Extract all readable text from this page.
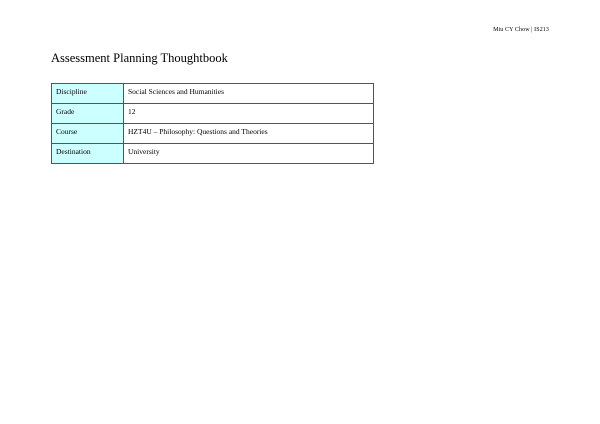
Miu CY Chow | IS213
Assessment Planning Thoughtbook
Discipline	Social Sciences and Humanities
Grade	12
Course	HZT4U – Philosophy: Questions and Theories
Destination	University
